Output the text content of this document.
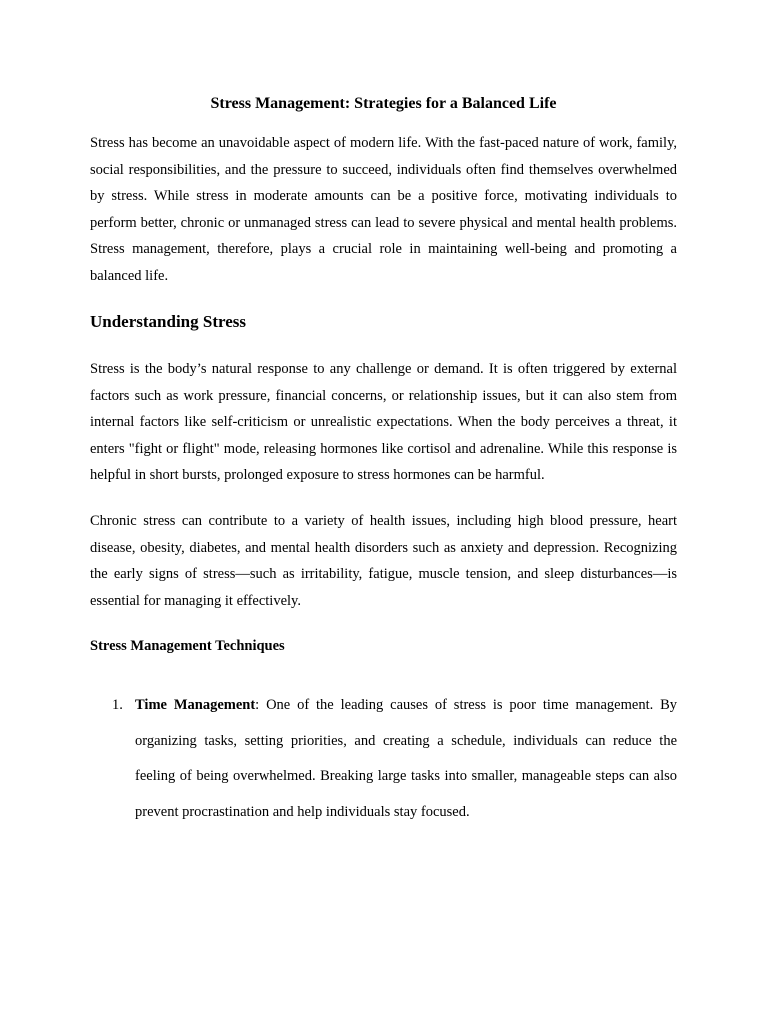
Stress Management: Strategies for a Balanced Life

Stress has become an unavoidable aspect of modern life. With the fast-paced nature of work, family, social responsibilities, and the pressure to succeed, individuals often find themselves overwhelmed by stress. While stress in moderate amounts can be a positive force, motivating individuals to perform better, chronic or unmanaged stress can lead to severe physical and mental health problems. Stress management, therefore, plays a crucial role in maintaining well-being and promoting a balanced life.

Understanding Stress

Stress is the body’s natural response to any challenge or demand. It is often triggered by external factors such as work pressure, financial concerns, or relationship issues, but it can also stem from internal factors like self-criticism or unrealistic expectations. When the body perceives a threat, it enters "fight or flight" mode, releasing hormones like cortisol and adrenaline. While this response is helpful in short bursts, prolonged exposure to stress hormones can be harmful.

Chronic stress can contribute to a variety of health issues, including high blood pressure, heart disease, obesity, diabetes, and mental health disorders such as anxiety and depression. Recognizing the early signs of stress—such as irritability, fatigue, muscle tension, and sleep disturbances—is essential for managing it effectively.

Stress Management Techniques
1. Time Management: One of the leading causes of stress is poor time management. By organizing tasks, setting priorities, and creating a schedule, individuals can reduce the feeling of being overwhelmed. Breaking large tasks into smaller, manageable steps can also prevent procrastination and help individuals stay focused.
